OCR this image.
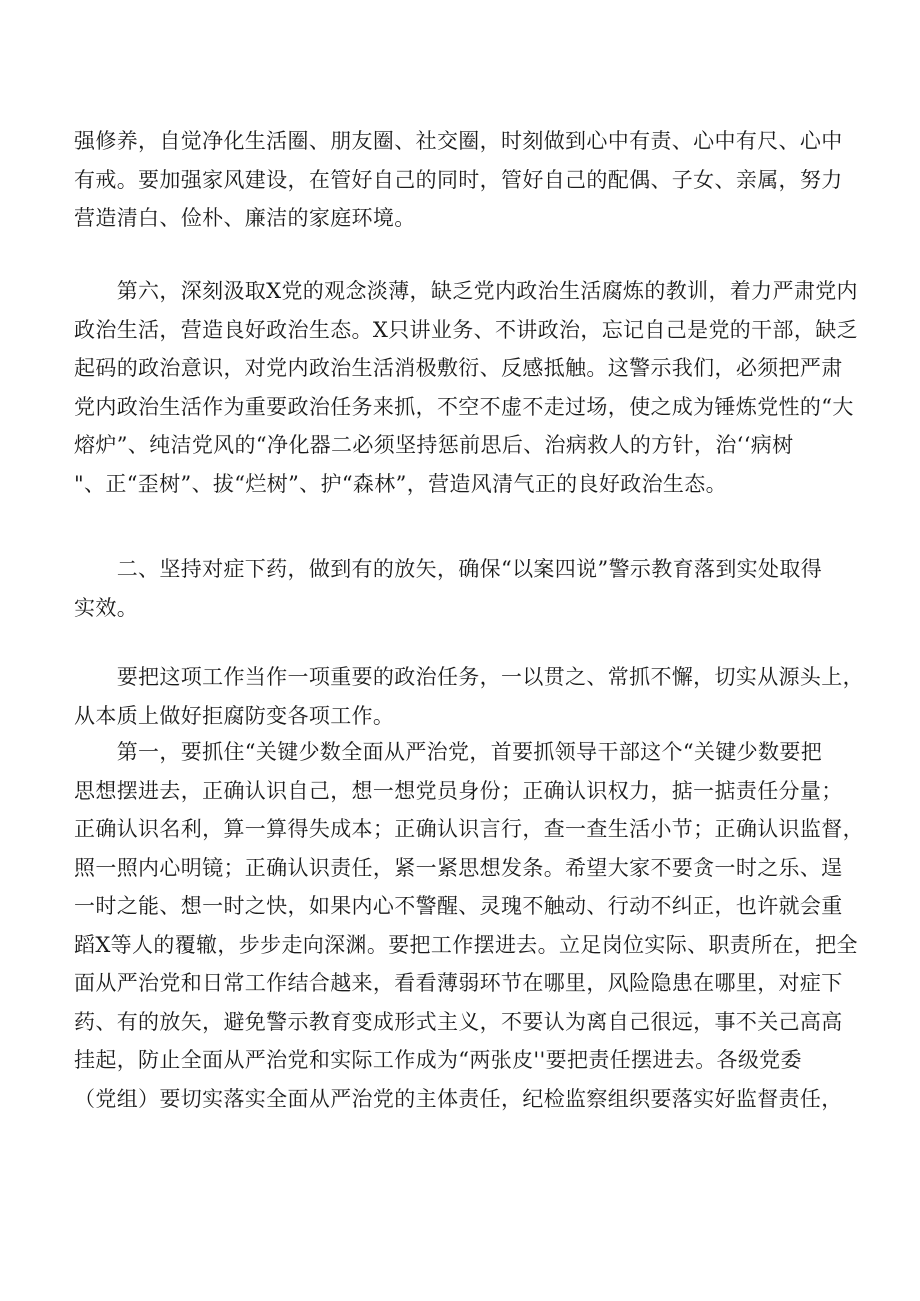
强修养，自觉净化生活圈、朋友圈、社交圈，时刻做到心中有责、心中有尺、心中
有戒。要加强家风建设，在管好自己的同时，管好自己的配偶、子女、亲属，努力
营造清白、俭朴、廉洁的家庭环境。

　　第六，深刻汲取X党的观念淡薄，缺乏党内政治生活腐炼的教训，着力严肃党内
政治生活，营造良好政治生态。X只讲业务、不讲政治，忘记自己是党的干部，缺乏
起码的政治意识，对党内政治生活消极敷衍、反感抵触。这警示我们，必须把严肃
党内政治生活作为重要政治任务来抓，不空不虚不走过场，使之成为锤炼党性的“大
熔炉”、纯洁党风的“净化器二必须坚持惩前思后、治病救人的方针，治‘‘病树
"、正“歪树”、拔“烂树”、护“森林”，营造风清气正的良好政治生态。

　　二、坚持对症下药，做到有的放矢，确保“以案四说”警示教育落到实处取得
实效。

　　要把这项工作当作一项重要的政治任务，一以贯之、常抓不懈，切实从源头上，
从本质上做好拒腐防变各项工作。

　　第一，要抓住“关键少数全面从严治党，首要抓领导干部这个“关键少数要把
思想摆进去，正确认识自己，想一想党员身份；正确认识权力，掂一掂责任分量；
正确认识名利，算一算得失成本；正确认识言行，查一查生活小节；正确认识监督，
照一照内心明镜；正确认识责任，紧一紧思想发条。希望大家不要贪一时之乐、逞
一时之能、想一时之快，如果内心不警醒、灵瑰不触动、行动不纠正，也许就会重
蹈X等人的覆辙，步步走向深渊。要把工作摆进去。立足岗位实际、职责所在，把全
面从严治党和日常工作结合越来，看看薄弱环节在哪里，风险隐患在哪里，对症下
药、有的放矢，避免警示教育变成形式主义，不要认为离自己很远，事不关己高高
挂起，防止全面从严治党和实际工作成为“两张皮''要把责任摆进去。各级党委
（党组）要切实落实全面从严治党的主体责任，纪检监察组织要落实好监督责任，
